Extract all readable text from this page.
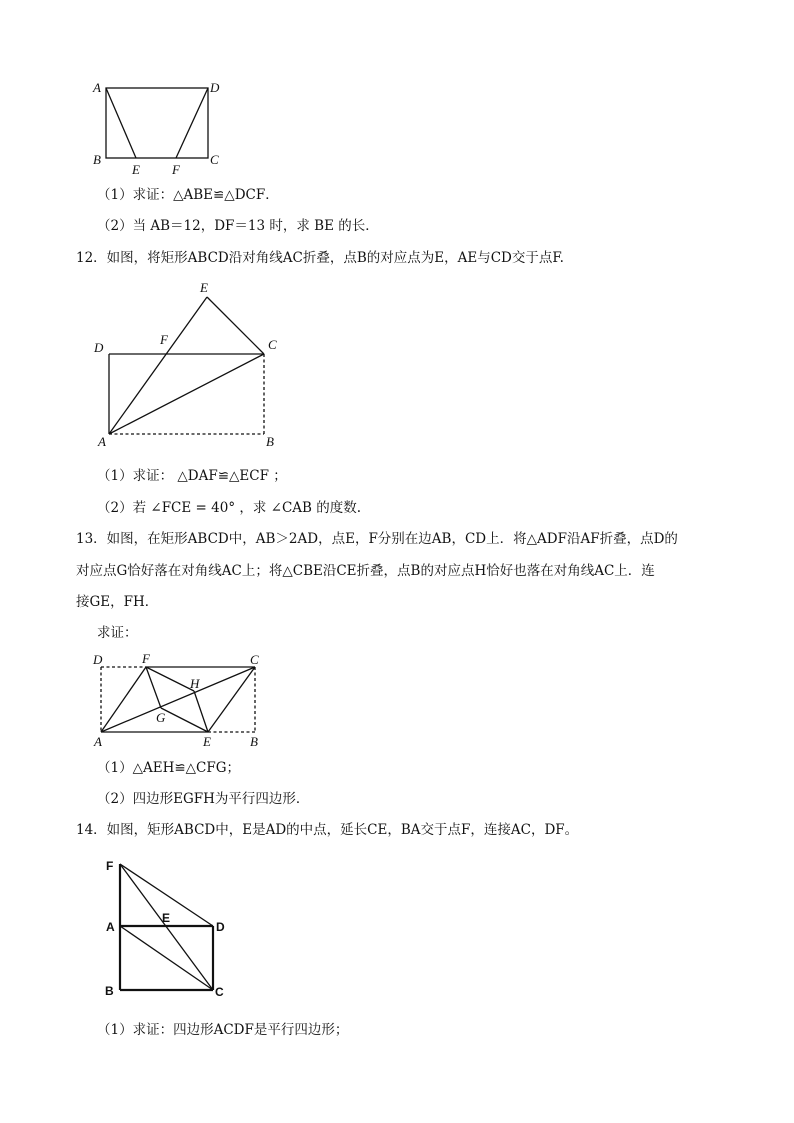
A	D
B	C
E F
（1）求证：△ABE≌△DCF．
（2）当 AB＝12，DF＝13 时，求 BE 的长．
12．如图，将矩形ABCD沿对角线AC折叠，点B的对应点为E，AE与CD交于点F.
E
D
F	C
A	B
（1）求证： △DAF≌△ECF ；
（2）若 ∠FCE = 40° ，求 ∠CAB 的度数.
13．如图，在矩形ABCD中，AB＞2AD，点E，F分别在边AB，CD上．将△ADF沿AF折叠，点D的
对应点G恰好落在对角线AC上；将△CBE沿CE折叠，点B的对应点H恰好也落在对角线AC上．连
接GE，FH．
求证：
D	F	C
H
G
A	E	B
（1）△AEH≌△CFG；
（2）四边形EGFH为平行四边形．
14．如图，矩形ABCD中，E是AD的中点，延长CE，BA交于点F，连接AC，DF。
F
A
E
D
B	C
（1）求证：四边形ACDF是平行四边形；
